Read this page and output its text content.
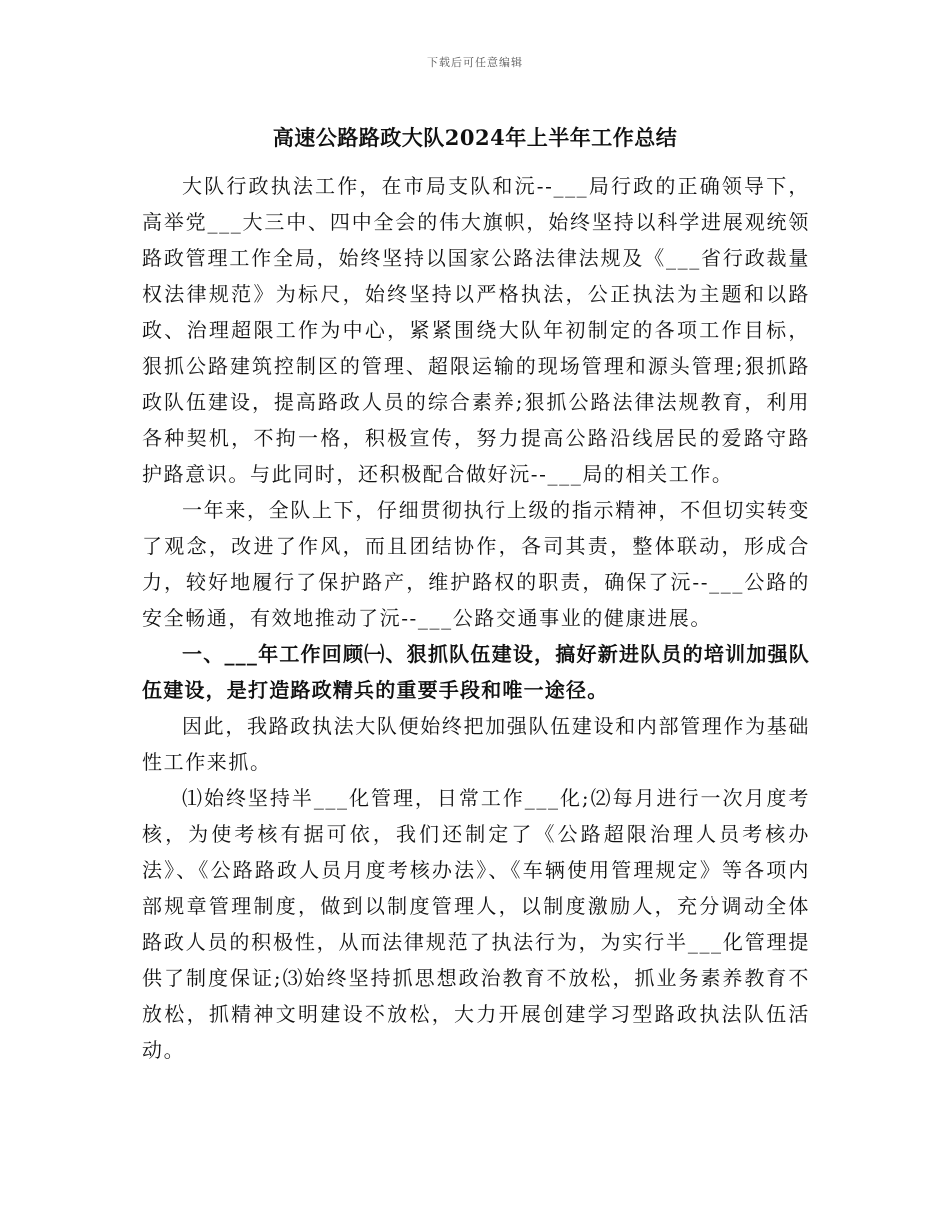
下载后可任意编辑
高速公路路政大队2024年上半年工作总结

大队行政执法工作，在市局支队和沅--___局行政的正确领导下，高举党___大三中、四中全会的伟大旗帜，始终坚持以科学进展观统领路政管理工作全局，始终坚持以国家公路法律法规及《___省行政裁量权法律规范》为标尺，始终坚持以严格执法，公正执法为主题和以路政、治理超限工作为中心，紧紧围绕大队年初制定的各项工作目标，狠抓公路建筑控制区的管理、超限运输的现场管理和源头管理;狠抓路政队伍建设，提高路政人员的综合素养;狠抓公路法律法规教育，利用各种契机，不拘一格，积极宣传，努力提高公路沿线居民的爱路守路护路意识。与此同时，还积极配合做好沅--___局的相关工作。

一年来，全队上下，仔细贯彻执行上级的指示精神，不但切实转变了观念，改进了作风，而且团结协作，各司其责，整体联动，形成合力，较好地履行了保护路产，维护路权的职责，确保了沅--___公路的安全畅通，有效地推动了沅--___公路交通事业的健康进展。

一、___年工作回顾㈠、狠抓队伍建设，搞好新进队员的培训加强队伍建设，是打造路政精兵的重要手段和唯一途径。

因此，我路政执法大队便始终把加强队伍建设和内部管理作为基础性工作来抓。

⑴始终坚持半___化管理，日常工作___化;⑵每月进行一次月度考核，为使考核有据可依，我们还制定了《公路超限治理人员考核办法》、《公路路政人员月度考核办法》、《车辆使用管理规定》等各项内部规章管理制度，做到以制度管理人，以制度激励人，充分调动全体路政人员的积极性，从而法律规范了执法行为，为实行半___化管理提供了制度保证;⑶始终坚持抓思想政治教育不放松，抓业务素养教育不放松，抓精神文明建设不放松，大力开展创建学习型路政执法队伍活动。
